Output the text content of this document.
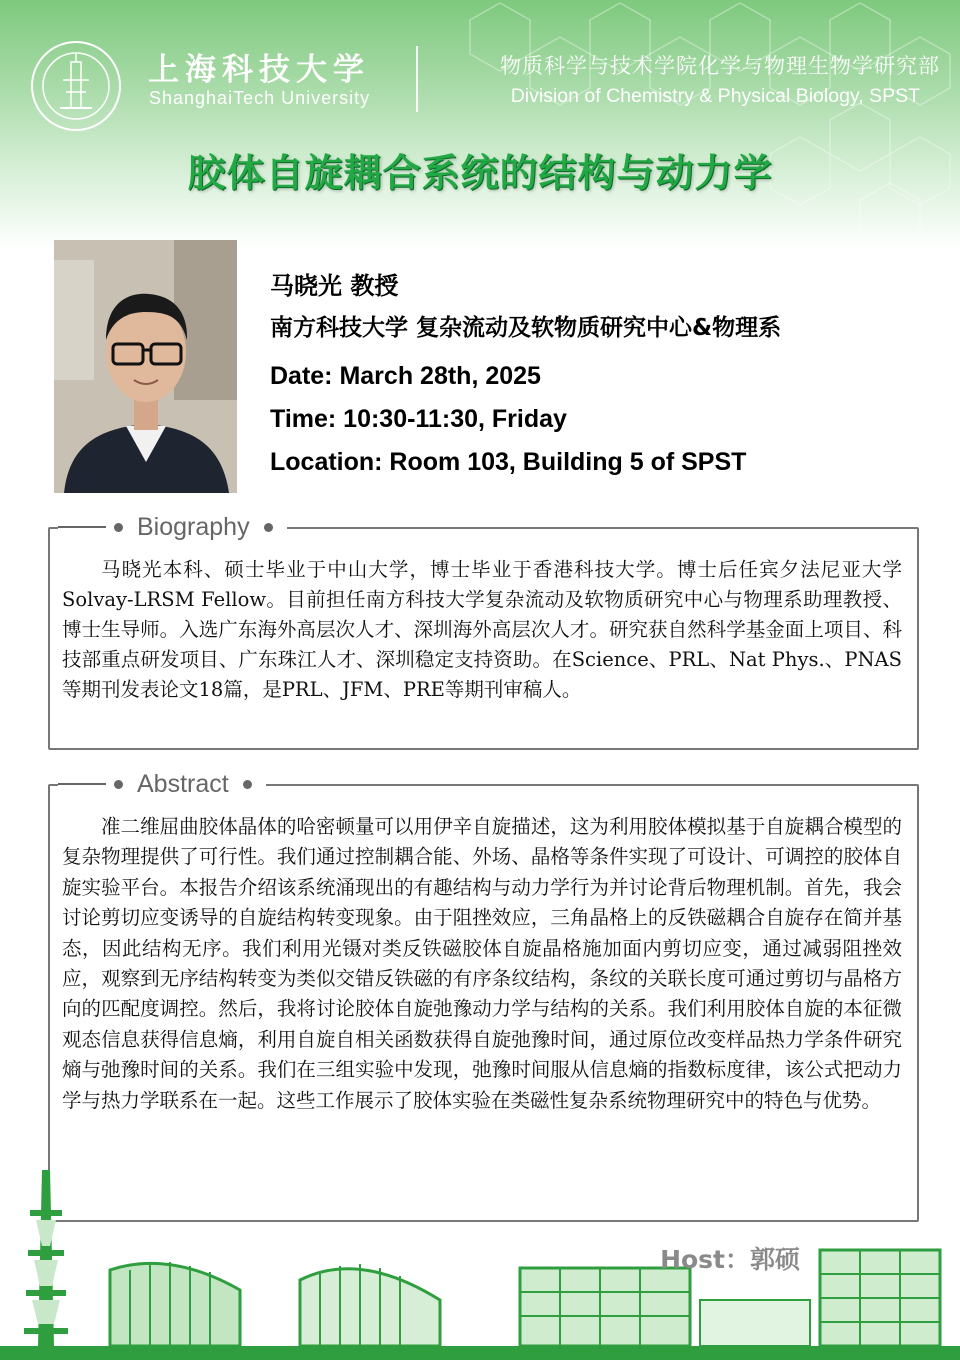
上海科技大学
ShanghaiTech University
物质科学与技术学院化学与物理生物学研究部
Division of Chemistry & Physical Biology, SPST
胶体自旋耦合系统的结构与动力学
马晓光 教授
南方科技大学 复杂流动及软物质研究中心&物理系
Date: March 28th, 2025
Time: 10:30-11:30, Friday
Location: Room 103, Building 5 of SPST
Biography

马晓光本科、硕士毕业于中山大学，博士毕业于香港科技大学。博士后任宾夕法尼亚大学Solvay-LRSM Fellow。目前担任南方科技大学复杂流动及软物质研究中心与物理系助理教授、博士生导师。入选广东海外高层次人才、深圳海外高层次人才。研究获自然科学基金面上项目、科技部重点研发项目、广东珠江人才、深圳稳定支持资助。在Science、PRL、Nat Phys.、PNAS等期刊发表论文18篇，是PRL、JFM、PRE等期刊审稿人。

Abstract

准二维屈曲胶体晶体的哈密顿量可以用伊辛自旋描述，这为利用胶体模拟基于自旋耦合模型的复杂物理提供了可行性。我们通过控制耦合能、外场、晶格等条件实现了可设计、可调控的胶体自旋实验平台。本报告介绍该系统涌现出的有趣结构与动力学行为并讨论背后物理机制。首先，我会讨论剪切应变诱导的自旋结构转变现象。由于阻挫效应，三角晶格上的反铁磁耦合自旋存在简并基态，因此结构无序。我们利用光镊对类反铁磁胶体自旋晶格施加面内剪切应变，通过减弱阻挫效应，观察到无序结构转变为类似交错反铁磁的有序条纹结构，条纹的关联长度可通过剪切与晶格方向的匹配度调控。然后，我将讨论胶体自旋弛豫动力学与结构的关系。我们利用胶体自旋的本征微观态信息获得信息熵，利用自旋自相关函数获得自旋弛豫时间，通过原位改变样品热力学条件研究熵与弛豫时间的关系。我们在三组实验中发现，弛豫时间服从信息熵的指数标度律，该公式把动力学与热力学联系在一起。这些工作展示了胶体实验在类磁性复杂系统物理研究中的特色与优势。

Host：郭硕
